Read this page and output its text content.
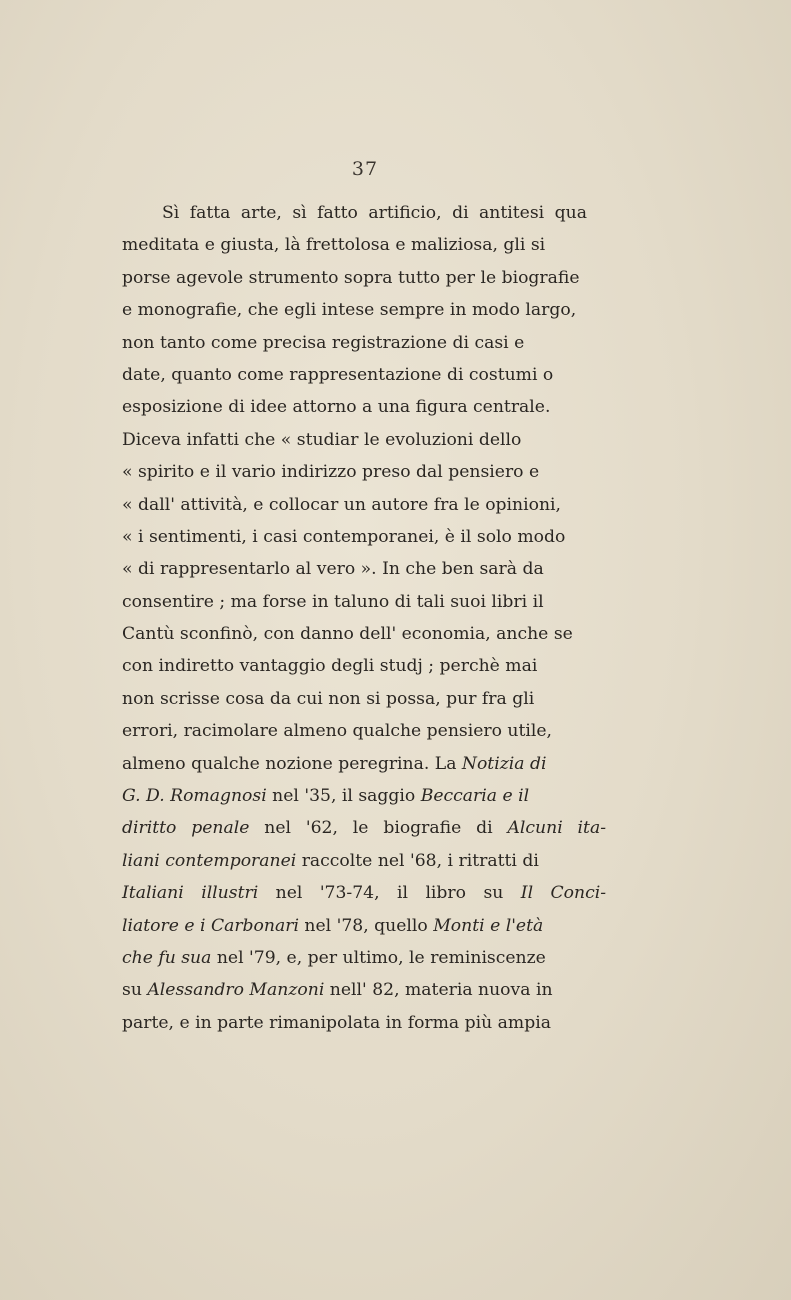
37
Sì fatta arte, sì fatto artificio, di antitesi qua
meditata e giusta, là frettolosa e maliziosa, gli si
porse agevole strumento sopra tutto per le biografie
e monografie, che egli intese sempre in modo largo,
non tanto come precisa registrazione di casi e
date, quanto come rappresentazione di costumi o
esposizione di idee attorno a una figura centrale.
Diceva infatti che « studiar le evoluzioni dello
« spirito e il vario indirizzo preso dal pensiero e
« dall' attività, e collocar un autore fra le opinioni,
« i sentimenti, i casi contemporanei, è il solo modo
« di rappresentarlo al vero ». In che ben sarà da
consentire ; ma forse in taluno di tali suoi libri il
Cantù sconfinò, con danno dell' economia, anche se
con indiretto vantaggio degli studj ; perchè mai
non scrisse cosa da cui non si possa, pur fra gli
errori, racimolare almeno qualche pensiero utile,
almeno qualche nozione peregrina. La Notizia di
G. D. Romagnosi nel '35, il saggio Beccaria e il
diritto penale nel '62, le biografie di Alcuni ita-
liani contemporanei raccolte nel '68, i ritratti di
Italiani illustri nel '73-74, il libro su Il Conci-
liatore e i Carbonari nel '78, quello Monti e l'età
che fu sua nel '79, e, per ultimo, le reminiscenze
su Alessandro Manzoni nell' 82, materia nuova in
parte, e in parte rimanipolata in forma più ampia
